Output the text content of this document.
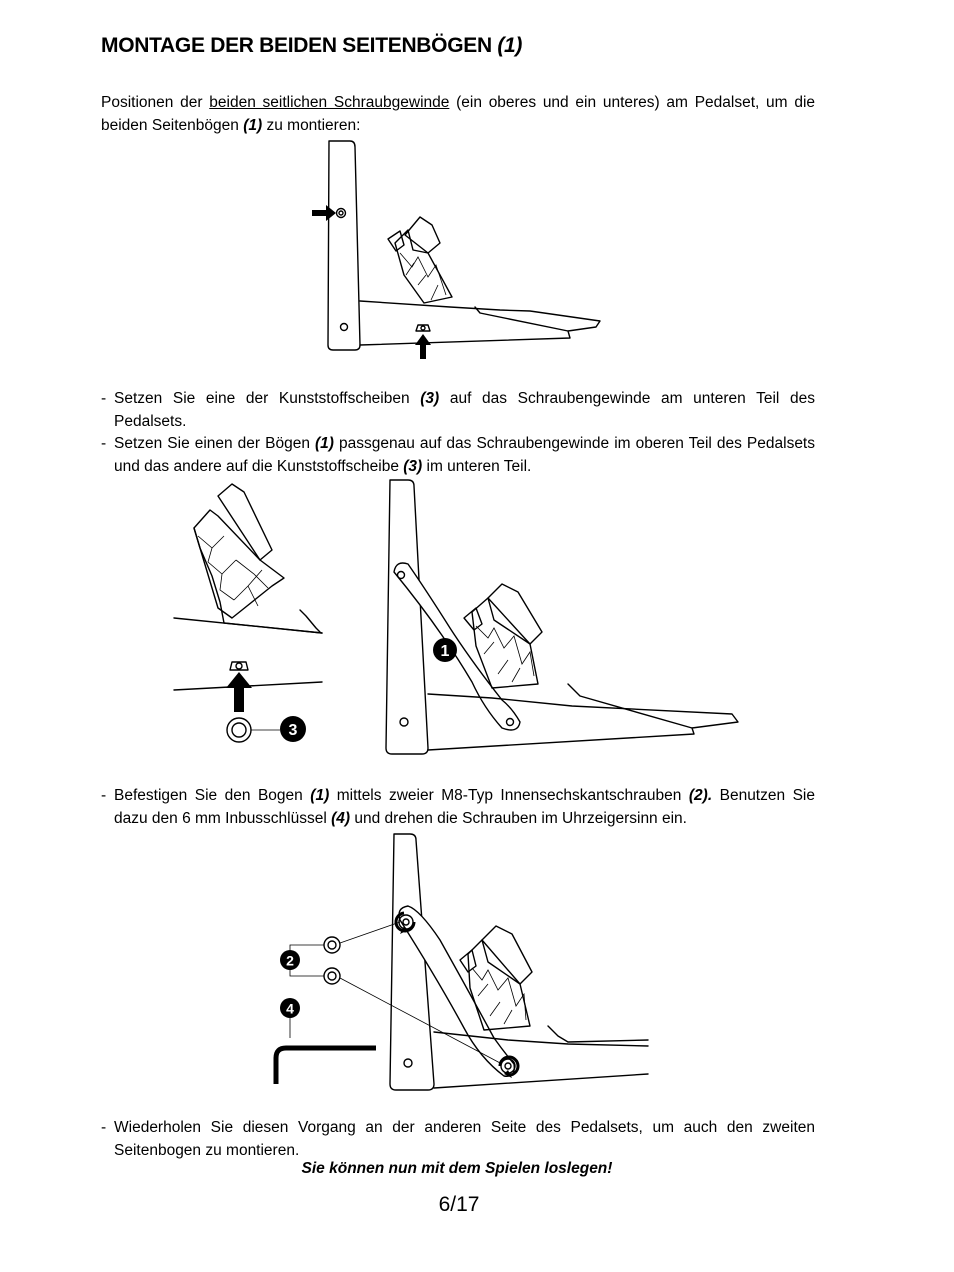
MONTAGE DER BEIDEN SEITENBÖGEN (1)
Positionen der beiden seitlichen Schraubgewinde (ein oberes und ein unteres) am Pedalset, um die beiden Seitenbögen (1) zu montieren:
- Setzen Sie eine der Kunststoffscheiben (3) auf das Schraubengewinde am unteren Teil des Pedalsets.
- Setzen Sie einen der Bögen (1) passgenau auf das Schraubengewinde im oberen Teil des Pedalsets und das andere auf die Kunststoffscheibe (3) im unteren Teil.
3
1
- Befestigen Sie den Bogen (1) mittels zweier M8-Typ Innensechskantschrauben (2). Benutzen Sie dazu den 6 mm Inbusschlüssel (4) und drehen die Schrauben im Uhrzeigersinn ein.
2
4
- Wiederholen Sie diesen Vorgang an der anderen Seite des Pedalsets, um auch den zweiten Seitenbogen zu montieren.
Sie können nun mit dem Spielen loslegen!
6/17
